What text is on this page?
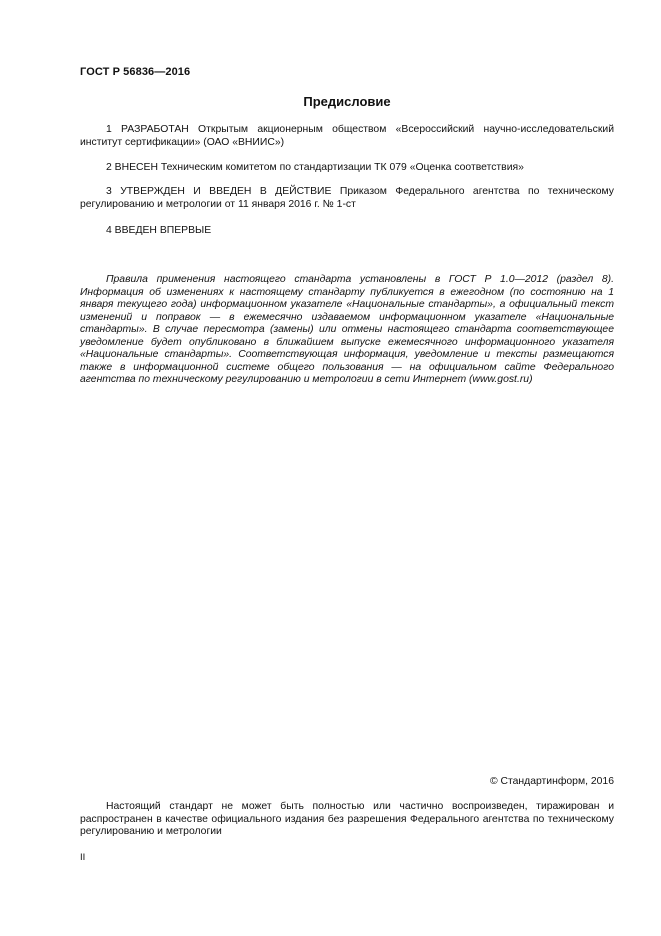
ГОСТ Р 56836—2016
Предисловие

1 РАЗРАБОТАН Открытым акционерным обществом «Всероссийский научно-исследовательский институт сертификации» (ОАО «ВНИИС»)

2 ВНЕСЕН Техническим комитетом по стандартизации ТК 079 «Оценка соответствия»

3 УТВЕРЖДЕН И ВВЕДЕН В ДЕЙСТВИЕ Приказом Федерального агентства по техническому регулированию и метрологии от 11 января 2016 г. № 1-ст

4 ВВЕДЕН ВПЕРВЫЕ

Правила применения настоящего стандарта установлены в ГОСТ Р 1.0—2012 (раздел 8). Информация об изменениях к настоящему стандарту публикуется в ежегодном (по состоянию на 1 января текущего года) информационном указателе «Национальные стандарты», а официальный текст изменений и поправок — в ежемесячно издаваемом информационном указателе «Национальные стандарты». В случае пересмотра (замены) или отмены настоящего стандарта соответствующее уведомление будет опубликовано в ближайшем выпуске ежемесячного информационного указателя «Национальные стандарты». Соответствующая информация, уведомление и тексты размещаются также в информационной системе общего пользования — на официальном сайте Федерального агентства по техническому регулированию и метрологии в сети Интернет (www.gost.ru)

© Стандартинформ, 2016

Настоящий стандарт не может быть полностью или частично воспроизведен, тиражирован и распространен в качестве официального издания без разрешения Федерального агентства по техническому регулированию и метрологии

II
